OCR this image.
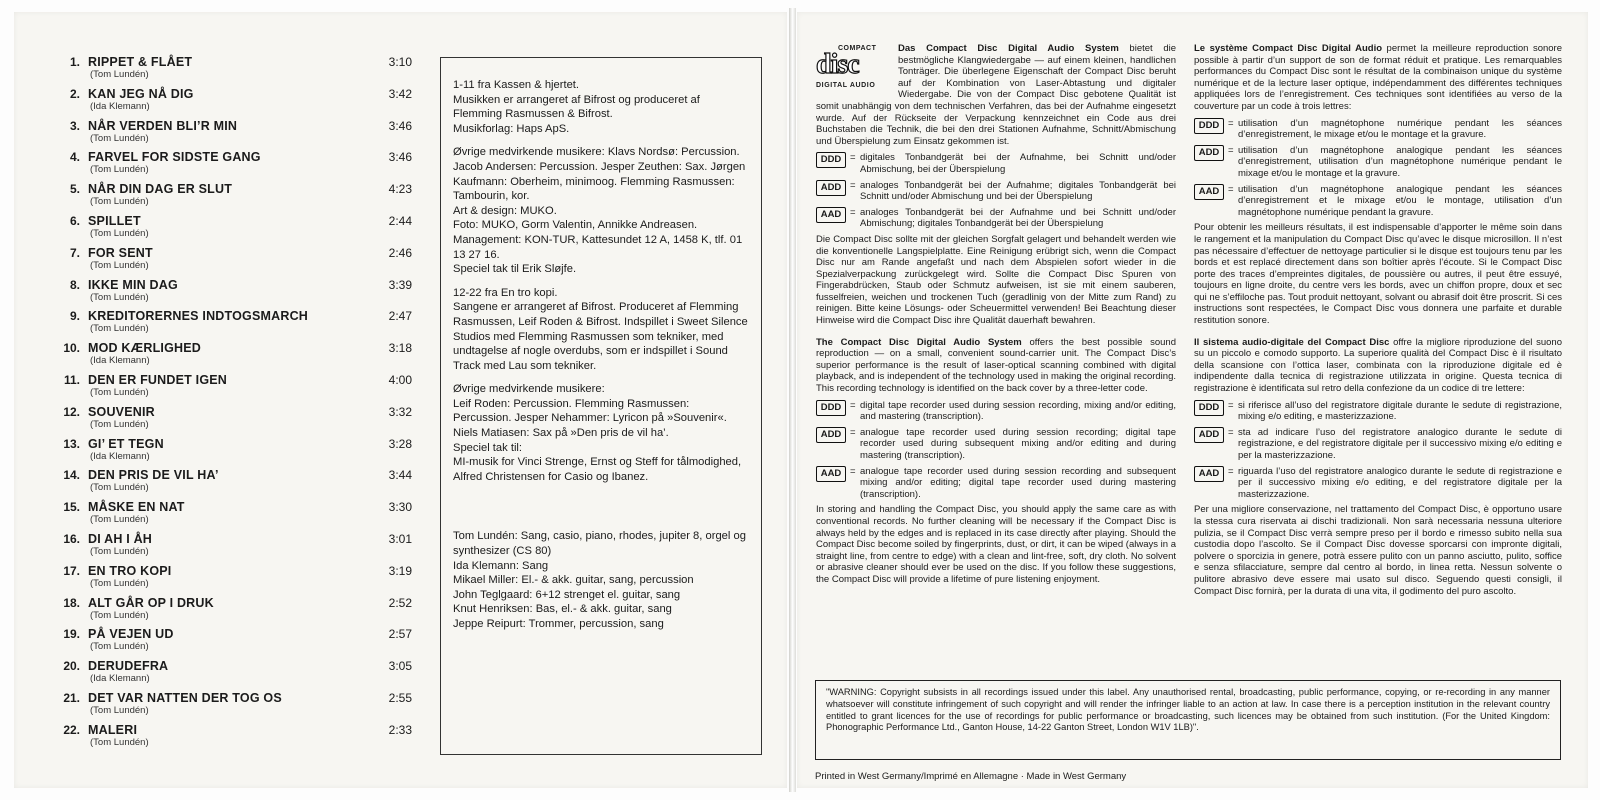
1. RIPPET & FLÅET	3:10
(Tom Lundén)
2. KAN JEG NÅ DIG	3:42
(Ida Klemann)
3. NÅR VERDEN BLI’R MIN	3:46
(Tom Lundén)
4. FARVEL FOR SIDSTE GANG	3:46
(Tom Lundén)
5. NÅR DIN DAG ER SLUT	4:23
(Tom Lundén)
6. SPILLET	2:44
(Tom Lundén)
7. FOR SENT	2:46
(Tom Lundén)
8. IKKE MIN DAG	3:39
(Tom Lundén)
9. KREDITORERNES INDTOGSMARCH	2:47
(Tom Lundén)
10. MOD KÆRLIGHED	3:18
(Ida Klemann)
11. DEN ER FUNDET IGEN	4:00
(Tom Lundén)
12. SOUVENIR	3:32
(Tom Lundén)
13. GI’ ET TEGN	3:28
(Ida Klemann)
14. DEN PRIS DE VIL HA’	3:44
(Tom Lundén)
15. MÅSKE EN NAT	3:30
(Tom Lundén)
16. DI AH I ÅH	3:01
(Tom Lundén)
17. EN TRO KOPI	3:19
(Tom Lundén)
18. ALT GÅR OP I DRUK	2:52
(Tom Lundén)
19. PÅ VEJEN UD	2:57
(Tom Lundén)
20. DERUDEFRA	3:05
(Ida Klemann)
21. DET VAR NATTEN DER TOG OS	2:55
(Tom Lundén)
22. MALERI	2:33
(Tom Lundén)

1-11 fra Kassen & hjertet.
Musikken er arrangeret af Bifrost og produceret af Flemming Rasmussen & Bifrost.
Musikforlag: Haps ApS.

Øvrige medvirkende musikere: Klavs Nordsø: Percussion. Jacob Andersen: Percussion. Jesper Zeuthen: Sax. Jørgen Kaufmann: Oberheim, minimoog. Flemming Rasmussen: Tambourin, kor.
Art & design: MUKO.
Foto: MUKO, Gorm Valentin, Annikke Andreasen.
Management: KON-TUR, Kattesundet 12 A, 1458 K, tlf. 01 13 27 16.
Speciel tak til Erik Sløjfe.

12-22 fra En tro kopi.
Sangene er arrangeret af Bifrost. Produceret af Flemming Rasmussen, Leif Roden & Bifrost. Indspillet i Sweet Silence Studios med Flemming Rasmussen som tekniker, med undtagelse af nogle overdubs, som er indspillet i Sound Track med Lau som tekniker.

Øvrige medvirkende musikere:
Leif Roden: Percussion. Flemming Rasmussen: Percussion. Jesper Nehammer: Lyricon på »Souvenir«. Niels Matiasen: Sax på »Den pris de vil ha’.
Speciel tak til:
MI-musik for Vinci Strenge, Ernst og Steff for tålmodighed, Alfred Christensen for Casio og Ibanez.

Tom Lundén: Sang, casio, piano, rhodes, jupiter 8, orgel og synthesizer (CS 80)
Ida Klemann: Sang
Mikael Miller: El.- & akk. guitar, sang, percussion
John Teglgaard: 6+12 strenget el. guitar, sang
Knut Henriksen: Bas, el.- & akk. guitar, sang
Jeppe Reipurt: Trommer, percussion, sang

COMPACT
disc
DIGITAL AUDIO

Das Compact Disc Digital Audio System bietet die bestmögliche Klangwiedergabe — auf einem kleinen, handlichen Tonträger. Die überlegene Eigenschaft der Compact Disc beruht auf der Kombination von Laser-Abtastung und digitaler Wiedergabe. Die von der Compact Disc gebotene Qualität ist somit unabhängig von dem technischen Verfahren, das bei der Aufnahme eingesetzt wurde. Auf der Rückseite der Verpackung kennzeichnet ein Code aus drei Buchstaben die Technik, die bei den drei Stationen Aufnahme, Schnitt/Abmischung und Überspielung zum Einsatz gekommen ist.

DDD = digitales Tonbandgerät bei der Aufnahme, bei Schnitt und/oder Abmischung, bei der Überspielung
ADD = analoges Tonbandgerät bei der Aufnahme; digitales Tonbandgerät bei Schnitt und/oder Abmischung und bei der Überspielung
AAD = analoges Tonbandgerät bei der Aufnahme und bei Schnitt und/oder Abmischung; digitales Tonbandgerät bei der Überspielung

Die Compact Disc sollte mit der gleichen Sorgfalt gelagert und behandelt werden wie die konventionelle Langspielplatte. Eine Reinigung erübrigt sich, wenn die Compact Disc nur am Rande angefaßt und nach dem Abspielen sofort wieder in die Spezialverpackung zurückgelegt wird. Sollte die Compact Disc Spuren von Fingerabdrücken, Staub oder Schmutz aufweisen, ist sie mit einem sauberen, fusselfreien, weichen und trockenen Tuch (geradlinig von der Mitte zum Rand) zu reinigen. Bitte keine Lösungs- oder Scheuermittel verwenden! Bei Beachtung dieser Hinweise wird die Compact Disc ihre Qualität dauerhaft bewahren.

The Compact Disc Digital Audio System offers the best possible sound reproduction — on a small, convenient sound-carrier unit. The Compact Disc’s superior performance is the result of laser-optical scanning combined with digital playback, and is independent of the technology used in making the original recording. This recording technology is identified on the back cover by a three-letter code.

DDD = digital tape recorder used during session recording, mixing and/or editing, and mastering (transcription).
ADD = analogue tape recorder used during session recording; digital tape recorder used during subsequent mixing and/or editing and during mastering (transcription).
AAD = analogue tape recorder used during session recording and subsequent mixing and/or editing; digital tape recorder used during mastering (transcription).

In storing and handling the Compact Disc, you should apply the same care as with conventional records. No further cleaning will be necessary if the Compact Disc is always held by the edges and is replaced in its case directly after playing. Should the Compact Disc become soiled by fingerprints, dust, or dirt, it can be wiped (always in a straight line, from centre to edge) with a clean and lint-free, soft, dry cloth. No solvent or abrasive cleaner should ever be used on the disc. If you follow these suggestions, the Compact Disc will provide a lifetime of pure listening enjoyment.

Le système Compact Disc Digital Audio permet la meilleure reproduction sonore possible à partir d’un support de son de format réduit et pratique. Les remarquables performances du Compact Disc sont le résultat de la combinaison unique du système numérique et de la lecture laser optique, indépendamment des différentes techniques appliquées lors de l’enregistrement. Ces techniques sont identifiées au verso de la couverture par un code à trois lettres:

DDD = utilisation d’un magnétophone numérique pendant les séances d’enregistrement, le mixage et/ou le montage et la gravure.
ADD = utilisation d’un magnétophone analogique pendant les séances d’enregistrement, utilisation d’un magnétophone numérique pendant le mixage et/ou le montage et la gravure.
AAD = utilisation d’un magnétophone analogique pendant les séances d’enregistrement et le mixage et/ou le montage, utilisation d’un magnétophone numérique pendant la gravure.

Pour obtenir les meilleurs résultats, il est indispensable d’apporter le même soin dans le rangement et la manipulation du Compact Disc qu’avec le disque microsillon. Il n’est pas nécessaire d’effectuer de nettoyage particulier si le disque est toujours tenu par les bords et est replacé directement dans son boîtier après l’écoute. Si le Compact Disc porte des traces d’empreintes digitales, de poussière ou autres, il peut être essuyé, toujours en ligne droite, du centre vers les bords, avec un chiffon propre, doux et sec qui ne s’effiloche pas. Tout produit nettoyant, solvant ou abrasif doit être proscrit. Si ces instructions sont respectées, le Compact Disc vous donnera une parfaite et durable restitution sonore.

Il sistema audio-digitale del Compact Disc offre la migliore riproduzione del suono su un piccolo e comodo supporto. La superiore qualità del Compact Disc è il risultato della scansione con l’ottica laser, combinata con la riproduzione digitale ed è indipendente dalla tecnica di registrazione utilizzata in origine. Questa tecnica di registrazione è identificata sul retro della confezione da un codice di tre lettere:

DDD = si riferisce all’uso del registratore digitale durante le sedute di registrazione, mixing e/o editing, e masterizzazione.
ADD = sta ad indicare l’uso del registratore analogico durante le sedute di registrazione, e del registratore digitale per il successivo mixing e/o editing e per la masterizzazione.
AAD = riguarda l’uso del registratore analogico durante le sedute di registrazione e per il successivo mixing e/o editing, e del registratore digitale per la masterizzazione.

Per una migliore conservazione, nel trattamento del Compact Disc, è opportuno usare la stessa cura riservata ai dischi tradizionali. Non sarà necessaria nessuna ulteriore pulizia, se il Compact Disc verrà sempre preso per il bordo e rimesso subito nella sua custodia dopo l’ascolto. Se il Compact Disc dovesse sporcarsi con impronte digitali, polvere o sporcizia in genere, potrà essere pulito con un panno asciutto, pulito, soffice e senza sfilacciature, sempre dal centro al bordo, in linea retta. Nessun solvente o pulitore abrasivo deve essere mai usato sul disco. Seguendo questi consigli, il Compact Disc fornirà, per la durata di una vita, il godimento del puro ascolto.

"WARNING: Copyright subsists in all recordings issued under this label. Any unauthorised rental, broadcasting, public performance, copying, or re-recording in any manner whatsoever will constitute infringement of such copyright and will render the infringer liable to an action at law. In case there is a perception institution in the relevant country entitled to grant licences for the use of recordings for public performance or broadcasting, such licences may be obtained from such institution. (For the United Kingdom: Phonographic Performance Ltd., Ganton House, 14-22 Ganton Street, London W1V 1LB)".
Printed in West Germany/Imprimé en Allemagne · Made in West Germany
